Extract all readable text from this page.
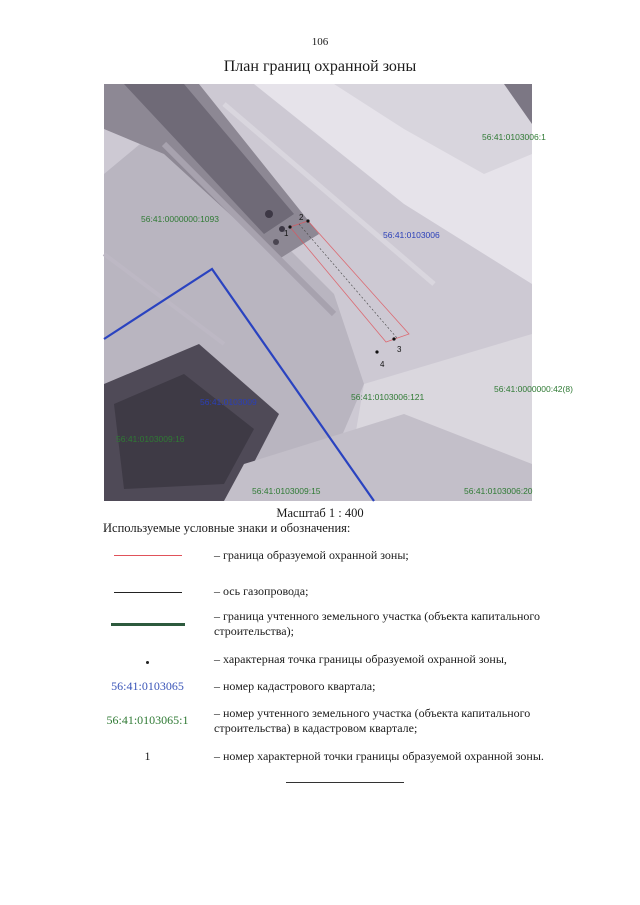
106
План границ охранной зоны
1
2
3
4
56:41:0103006:1
56:41:0000000:1093
56:41:0103006
56:41:0103009	56:41:0103006:121
56:41:0000000:42(8)
56:41:0103009:16
56:41:0103009:15	56:41:0103006:20
Масштаб 1 : 400
Используемые условные знаки и обозначения:
– граница образуемой охранной зоны;
– ось газопровода;
– граница учтенного земельного участка (объекта капитального строительства);
– характерная точка границы образуемой охранной зоны,
56:41:0103065	– номер кадастрового квартала;
56:41:0103065:1	– номер учтенного земельного участка (объекта капитального строительства) в кадастровом квартале;
1	– номер характерной точки границы образуемой охранной зоны.
